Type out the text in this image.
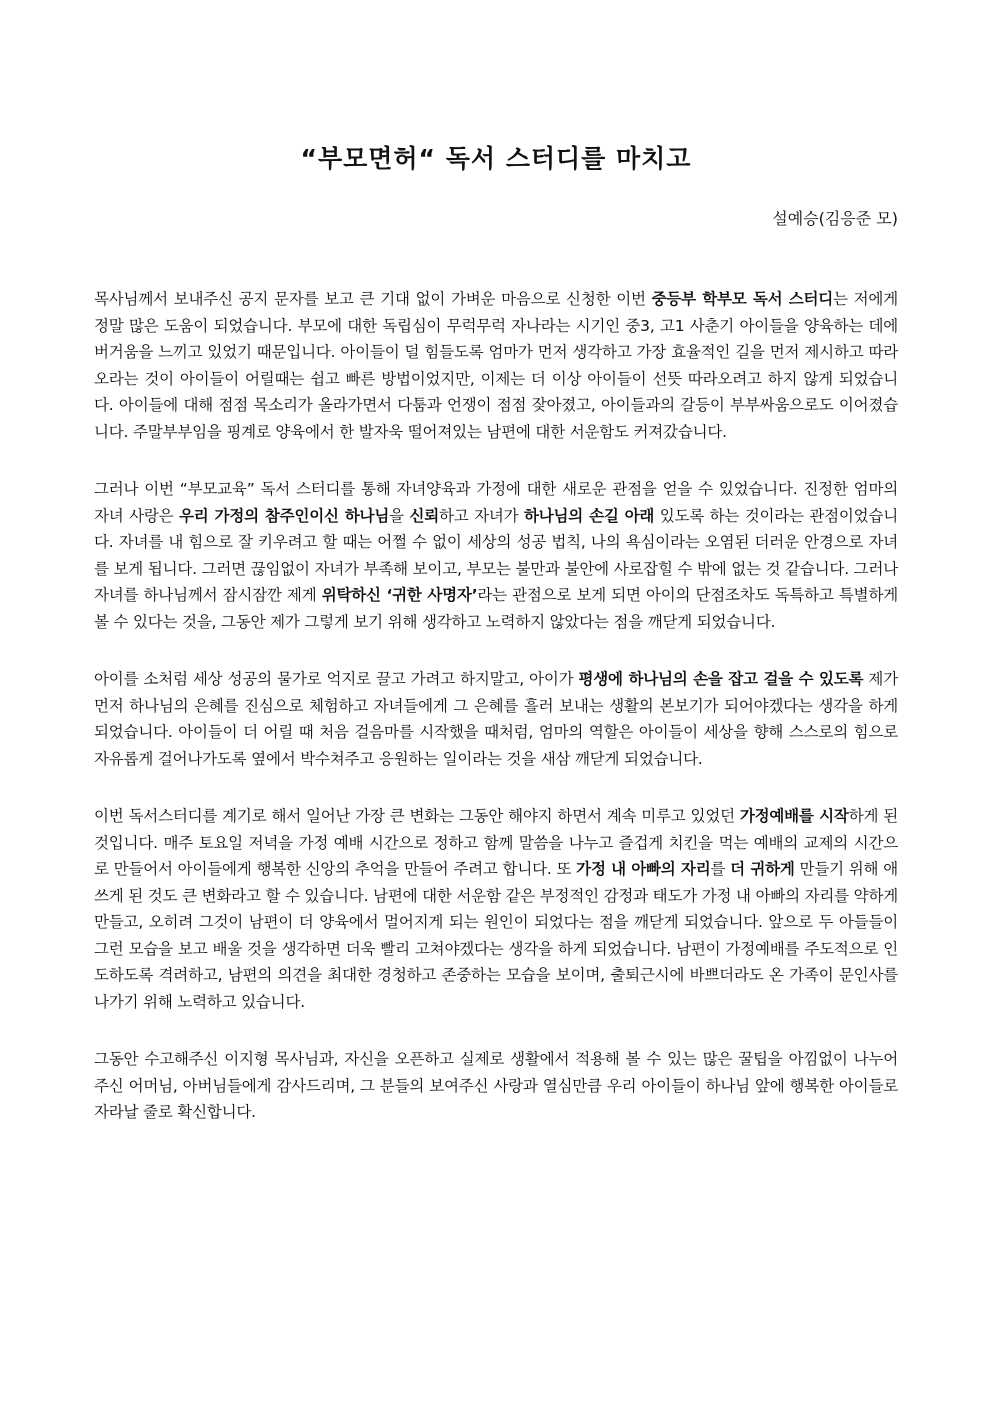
“부모면허“ 독서 스터디를 마치고

설예승(김응준 모)

목사님께서 보내주신 공지 문자를 보고 큰 기대 없이 가벼운 마음으로 신청한 이번 중등부 학부모 독서 스터디는 저에게 정말 많은 도움이 되었습니다. 부모에 대한 독립심이 무럭무럭 자나라는 시기인 중3, 고1 사춘기 아이들을 양육하는 데에 버거움을 느끼고 있었기 때문입니다. 아이들이 덜 힘들도록 엄마가 먼저 생각하고 가장 효율적인 길을 먼저 제시하고 따라오라는 것이 아이들이 어릴때는 쉽고 빠른 방법이었지만, 이제는 더 이상 아이들이 선뜻 따라오려고 하지 않게 되었습니다. 아이들에 대해 점점 목소리가 올라가면서 다툼과 언쟁이 점점 잦아졌고, 아이들과의 갈등이 부부싸움으로도 이어졌습니다. 주말부부임을 핑계로 양육에서 한 발자욱 떨어져있는 남편에 대한 서운함도 커져갔습니다.

그러나 이번 “부모교육” 독서 스터디를 통해 자녀양육과 가정에 대한 새로운 관점을 얻을 수 있었습니다. 진정한 엄마의 자녀 사랑은 우리 가정의 참주인이신 하나님을 신뢰하고 자녀가 하나님의 손길 아래 있도록 하는 것이라는 관점이었습니다. 자녀를 내 힘으로 잘 키우려고 할 때는 어쩔 수 없이 세상의 성공 법칙, 나의 욕심이라는 오염된 더러운 안경으로 자녀를 보게 됩니다. 그러면 끊임없이 자녀가 부족해 보이고, 부모는 불만과 불안에 사로잡힐 수 밖에 없는 것 같습니다. 그러나 자녀를 하나님께서 잠시잠깐 제게 위탁하신 ‘귀한 사명자’라는 관점으로 보게 되면 아이의 단점조차도 독특하고 특별하게 볼 수 있다는 것을, 그동안 제가 그렇게 보기 위해 생각하고 노력하지 않았다는 점을 깨닫게 되었습니다.

아이를 소처럼 세상 성공의 물가로 억지로 끌고 가려고 하지말고, 아이가 평생에 하나님의 손을 잡고 걸을 수 있도록 제가 먼저 하나님의 은혜를 진심으로 체험하고 자녀들에게 그 은혜를 흘러 보내는 생활의 본보기가 되어야겠다는 생각을 하게 되었습니다. 아이들이 더 어릴 때 처음 걸음마를 시작했을 때처럼, 엄마의 역할은 아이들이 세상을 향해 스스로의 힘으로 자유롭게 걸어나가도록 옆에서 박수쳐주고 응원하는 일이라는 것을 새삼 깨닫게 되었습니다.

이번 독서스터디를 계기로 해서 일어난 가장 큰 변화는 그동안 해야지 하면서 계속 미루고 있었던 가정예배를 시작하게 된 것입니다. 매주 토요일 저녁을 가정 예배 시간으로 정하고 함께 말씀을 나누고 즐겁게 치킨을 먹는 예배의 교제의 시간으로 만들어서 아이들에게 행복한 신앙의 추억을 만들어 주려고 합니다. 또 가정 내 아빠의 자리를 더 귀하게 만들기 위해 애쓰게 된 것도 큰 변화라고 할 수 있습니다. 남편에 대한 서운함 같은 부정적인 감정과 태도가 가정 내 아빠의 자리를 약하게 만들고, 오히려 그것이 남편이 더 양육에서 멀어지게 되는 원인이 되었다는 점을 깨닫게 되었습니다. 앞으로 두 아들들이 그런 모습을 보고 배울 것을 생각하면 더욱 빨리 고쳐야겠다는 생각을 하게 되었습니다. 남편이 가정예배를 주도적으로 인도하도록 격려하고, 남편의 의견을 최대한 경청하고 존중하는 모습을 보이며, 출퇴근시에 바쁘더라도 온 가족이 문인사를 나가기 위해 노력하고 있습니다.

그동안 수고해주신 이지형 목사님과, 자신을 오픈하고 실제로 생활에서 적용해 볼 수 있는 많은 꿀팁을 아낌없이 나누어 주신 어머님, 아버님들에게 감사드리며, 그 분들의 보여주신 사랑과 열심만큼 우리 아이들이 하나님 앞에 행복한 아이들로 자라날 줄로 확신합니다.
